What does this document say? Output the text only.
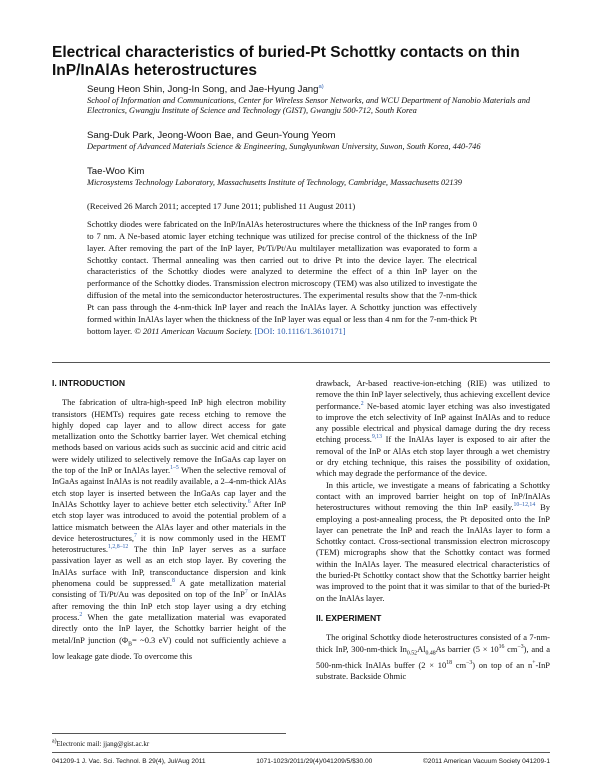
Electrical characteristics of buried-Pt Schottky contacts on thin InP/InAlAs heterostructures
Seung Heon Shin, Jong-In Song, and Jae-Hyung Jang$^{a)}$
School of Information and Communications, Center for Wireless Sensor Networks, and WCU Department of Nanobio Materials and Electronics, Gwangju Institute of Science and Technology (GIST), Gwangju 500-712, South Korea
Sang-Duk Park, Jeong-Woon Bae, and Geun-Young Yeom
Department of Advanced Materials Science & Engineering, Sungkyunkwan University, Suwon, South Korea, 440-746
Tae-Woo Kim
Microsystems Technology Laboratory, Massachusetts Institute of Technology, Cambridge, Massachusetts 02139
(Received 26 March 2011; accepted 17 June 2011; published 11 August 2011)
Schottky diodes were fabricated on the InP/InAlAs heterostructures where the thickness of the InP ranges from 0 to 7 nm. A Ne-based atomic layer etching technique was utilized for precise control of the thickness of the InP layer. After removing the part of the InP layer, Pt/Ti/Pt/Au multilayer metallization was evaporated to form a Schottky contact. Thermal annealing was then carried out to drive Pt into the device layer. The electrical characteristics of the Schottky diodes were analyzed to determine the effect of a thin InP layer on the performance of the Schottky diodes. Transmission electron microscopy (TEM) was also utilized to investigate the diffusion of the metal into the semiconductor heterostructures. The experimental results show that the 7-nm-thick Pt can pass through the 4-nm-thick InP layer and reach the InAlAs layer. A Schottky junction was effectively formed within InAlAs layer when the thickness of the InP layer was equal or less than 4 nm for the 7-nm-thick Pt bottom layer. © 2011 American Vacuum Society. [DOI: 10.1116/1.3610171]
I. INTRODUCTION

The fabrication of ultra-high-speed InP high electron mobility transistors (HEMTs) requires gate recess etching to remove the highly doped cap layer and to allow direct access for gate metallization onto the Schottky barrier layer. Wet chemical etching methods based on various acids such as succinic acid and citric acid were widely utilized to selectively remove the InGaAs cap layer on the top of the InP or InAlAs layer.$^{1-5}$ When the selective removal of InGaAs against InAlAs is not readily available, a 2–4-nm-thick AlAs etch stop layer is inserted between the InGaAs cap layer and the InAlAs Schottky layer to achieve better etch selectivity.$^6$ After InP etch stop layer was introduced to avoid the potential problem of a lattice mismatch between the AlAs layer and other materials in the device heterostructures,$^7$ it is now commonly used in the HEMT heterostructures.$^{1,2,8-12}$ The thin InP layer serves as a surface passivation layer as well as an etch stop layer. By covering the InAlAs surface with InP, transconductance dispersion and kink phenomena could be suppressed.$^8$ A gate metallization material consisting of Ti/Pt/Au was deposited on top of the InP$^7$ or InAlAs after removing the thin InP etch stop layer using a dry etching process.$^2$ When the gate metallization material was evaporated directly onto the InP layer, the Schottky barrier height of the metal/InP junction ($\Phi_B=$ ~0.3 eV) could not sufficiently achieve a low leakage gate diode. To overcome this

drawback, Ar-based reactive-ion-etching (RIE) was utilized to remove the thin InP layer selectively, thus achieving excellent device performance.$^2$ Ne-based atomic layer etching was also investigated to improve the etch selectivity of InP against InAlAs and to reduce any possible electrical and physical damage during the dry recess etching process.$^{9,13}$ If the InAlAs layer is exposed to air after the removal of the InP or AlAs etch stop layer through a wet chemistry or dry etching technique, this raises the possibility of oxidation, which may degrade the performance of the device.

In this article, we investigate a means of fabricating a Schottky contact with an improved barrier height on top of InP/InAlAs heterostructures without removing the thin InP easily.$^{10-12,14}$ By employing a post-annealing process, the Pt deposited onto the InP layer can penetrate the InP and reach the InAlAs layer to form a Schottky contact. Cross-sectional transmission electron microscopy (TEM) micrographs show that the Schottky contact was formed within the InAlAs layer. The measured electrical characteristics of the buried-Pt Schottky contact show that the Schottky barrier height was improved to the point that it was similar to that of the buried-Pt on the InAlAs layer.

II. EXPERIMENT

The original Schottky diode heterostructures consisted of a 7-nm-thick InP, 300-nm-thick $In_{0.52}Al_{0.48}As$ barrier ($5 \times 10^{16}$ $cm^{-3}$), and a 500-nm-thick InAlAs buffer ($2 \times 10^{18}$ $cm^{-3}$) on top of an n+-InP substrate. Backside Ohmic

$^{a)}$Electronic mail: jjang@gist.ac.kr
041209-1 J. Vac. Sci. Technol. B 29(4), Jul/Aug 2011	1071-1023/2011/29(4)/041209/5/$30.00	©2011 American Vacuum Society 041209-1
